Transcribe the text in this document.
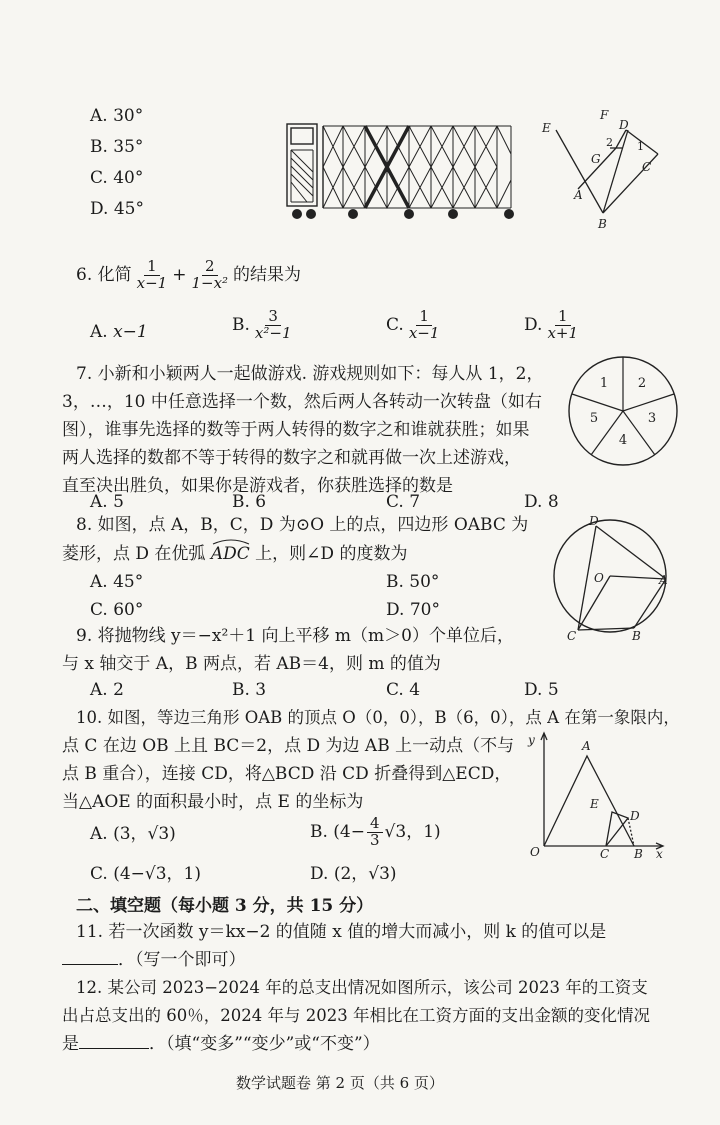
A. 30°
B. 35°
C. 40°
D. 45°
E
F
D
G
C
A
B
2 1
6. 化简 $\frac{1}{x-1} + \frac{2}{\text{1−x²}}$ 的结果为
A. x−1	B. $\frac{3}{\text{x²−1}}$	C. $\frac{1}{x-1}$	D. $\frac{1}{x+1}$
7. 小新和小颖两人一起做游戏. 游戏规则如下：每人从 1，2，
3，…，10 中任意选择一个数，然后两人各转动一次转盘（如右
图），谁事先选择的数等于两人转得的数字之和谁就获胜；如果
两人选择的数都不等于转得的数字之和就再做一次上述游戏，
直至决出胜负，如果你是游戏者，你获胜选择的数是
A. 5	B. 6	C. 7	D. 8
1 2
3
4
5
8. 如图，点 A，B，C，D 为⊙O 上的点，四边形 OABC 为
菱形，点 D 在优弧 ADC 上，则∠D 的度数为
A. 45°	B. 50°
C. 60°	D. 70°
D
O	A
C	B
9. 将抛物线 y＝−x²＋1 向上平移 m（m＞0）个单位后，
与 x 轴交于 A，B 两点，若 AB＝4，则 m 的值为
A. 2	B. 3	C. 4	D. 5
10. 如图，等边三角形 OAB 的顶点 O（0，0），B（6，0），点 A 在第一象限内，
点 C 在边 OB 上且 BC＝2，点 D 为边 AB 上一动点（不与
点 B 重合），连接 CD，将△BCD 沿 CD 折叠得到△ECD，
当△AOE 的面积最小时，点 E 的坐标为
A. (3，√3)	B. ($4- \frac{4}{3} √3$，1)
C. (4−√3，1)	D. (2，√3)
y	A
E
D
O	C B x
二、填空题（每小题 3 分，共 15 分）
11. 若一次函数 y＝kx−2 的值随 x 值的增大而减小，则 k 的值可以是
．（写一个即可）
12. 某公司 2023−2024 年的总支出情况如图所示，该公司 2023 年的工资支
出占总支出的 60％，2024 年与 2023 年相比在工资方面的支出金额的变化情况
是	．（填“变多”“变少”或“不变”）
数学试题卷 第 2 页（共 6 页）
